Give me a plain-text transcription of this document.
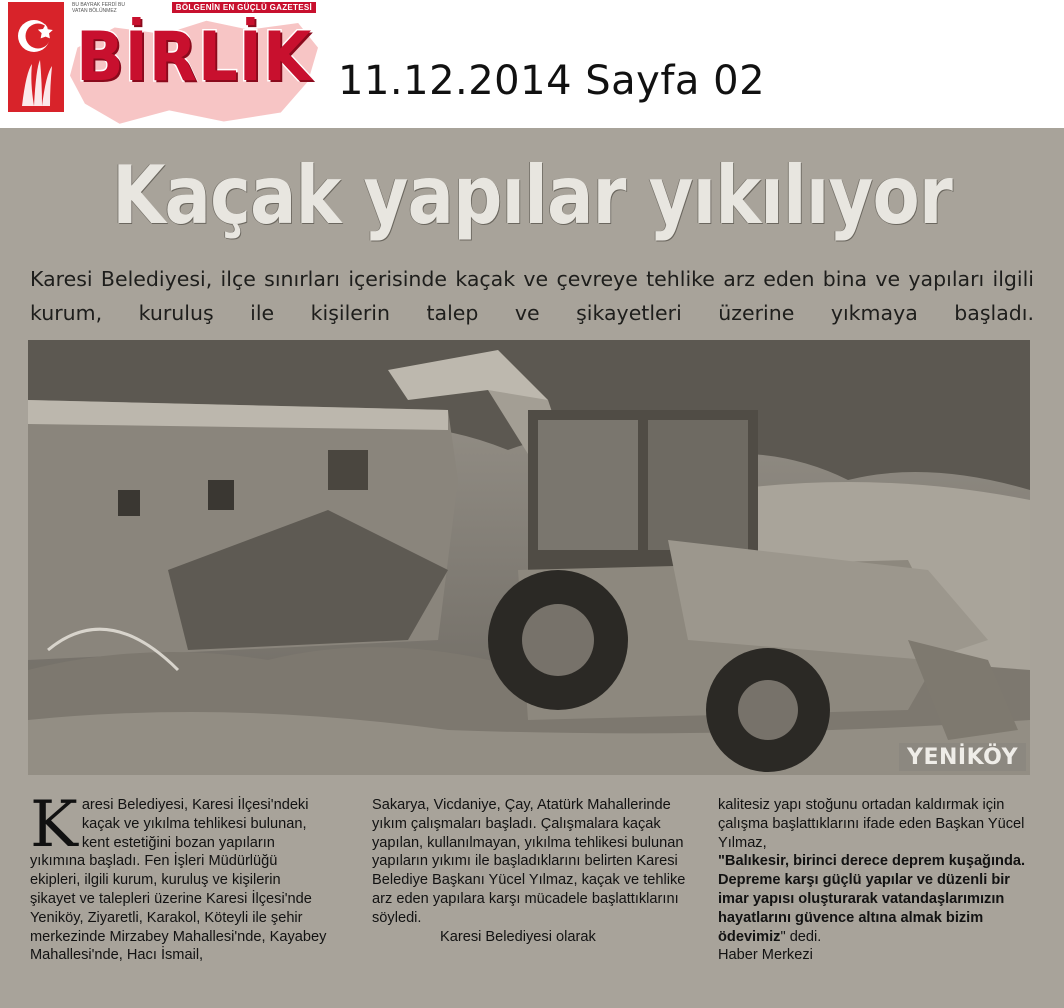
BU BAYRAK FERDİ BU VATAN BÖLÜNMEZ	BÖLGENİN EN GÜÇLÜ GAZETESİ
BİRLİK 11.12.2014 Sayfa 02
Kaçak yapılar yıkılıyor
Karesi Belediyesi, ilçe sınırları içerisinde kaçak ve çevreye tehlike arz eden bina ve yapıları ilgili kurum, kuruluş ile kişilerin talep ve şikayetleri üzerine yıkmaya başladı.
YENİKÖY
K aresi Belediyesi, Karesi İlçesi'ndeki kaçak ve yıkılma tehlikesi bulunan, kent estetiğini bozan yapıların yıkımına başladı. Fen İşleri Müdürlüğü ekipleri, ilgili kurum, kuruluş ve kişilerin şikayet ve talepleri üzerine Karesi İlçesi'nde Yeniköy, Ziyaretli, Karakol, Köteyli ile şehir merkezinde Mirzabey Mahallesi'nde, Kayabey Mahallesi'nde, Hacı İsmail,

Sakarya, Vicdaniye, Çay, Atatürk Mahallerinde yıkım çalışmaları başladı. Çalışmalara kaçak yapılan, kullanılmayan, yıkılma tehlikesi bulunan yapıların yıkımı ile başladıklarını belirten Karesi Belediye Başkanı Yücel Yılmaz, kaçak ve tehlike arz eden yapılara karşı mücadele başlattıklarını söyledi.

Karesi Belediyesi olarak

kalitesiz yapı stoğunu ortadan kaldırmak için çalışma başlattıklarını ifade eden Başkan Yücel Yılmaz,

"Balıkesir, birinci derece deprem kuşağında. Depreme karşı güçlü yapılar ve düzenli bir imar yapısı oluşturarak vatandaşlarımızın hayatlarını güvence altına almak bizim ödevimiz" dedi.

Haber Merkezi
